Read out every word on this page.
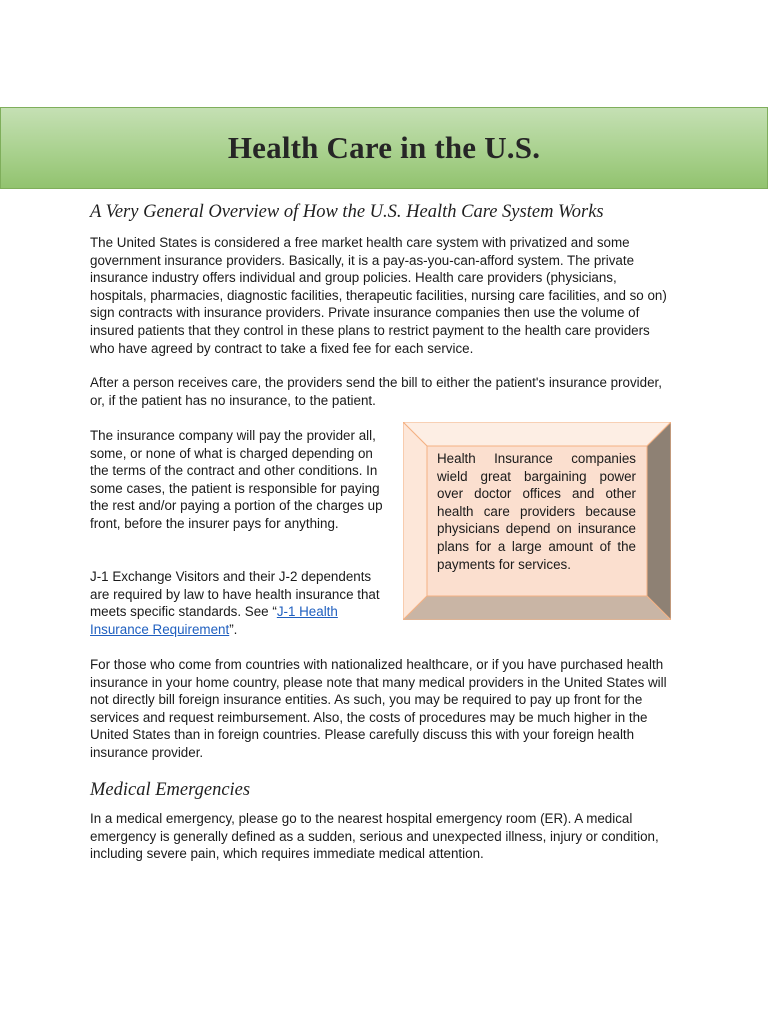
Health Care in the U.S.
A Very General Overview of How the U.S. Health Care System Works

The United States is considered a free market health care system with privatized and some government insurance providers. Basically, it is a pay-as-you-can-afford system. The private insurance industry offers individual and group policies. Health care providers (physicians, hospitals, pharmacies, diagnostic facilities, therapeutic facilities, nursing care facilities, and so on) sign contracts with insurance providers. Private insurance companies then use the volume of insured patients that they control in these plans to restrict payment to the health care providers who have agreed by contract to take a fixed fee for each service.

After a person receives care, the providers send the bill to either the patient's insurance provider, or, if the patient has no insurance, to the patient.

The insurance company will pay the provider all, some, or none of what is charged depending on the terms of the contract and other conditions. In some cases, the patient is responsible for paying the rest and/or paying a portion of the charges up front, before the insurer pays for anything.

J-1 Exchange Visitors and their J-2 dependents are required by law to have health insurance that meets specific standards. See “J-1 Health Insurance Requirement”.

Health Insurance companies wield great bargaining power over doctor offices and other health care providers because physicians depend on insurance plans for a large amount of the payments for services.

For those who come from countries with nationalized healthcare, or if you have purchased health insurance in your home country, please note that many medical providers in the United States will not directly bill foreign insurance entities. As such, you may be required to pay up front for the services and request reimbursement. Also, the costs of procedures may be much higher in the United States than in foreign countries. Please carefully discuss this with your foreign health insurance provider.

Medical Emergencies

In a medical emergency, please go to the nearest hospital emergency room (ER). A medical emergency is generally defined as a sudden, serious and unexpected illness, injury or condition, including severe pain, which requires immediate medical attention.
